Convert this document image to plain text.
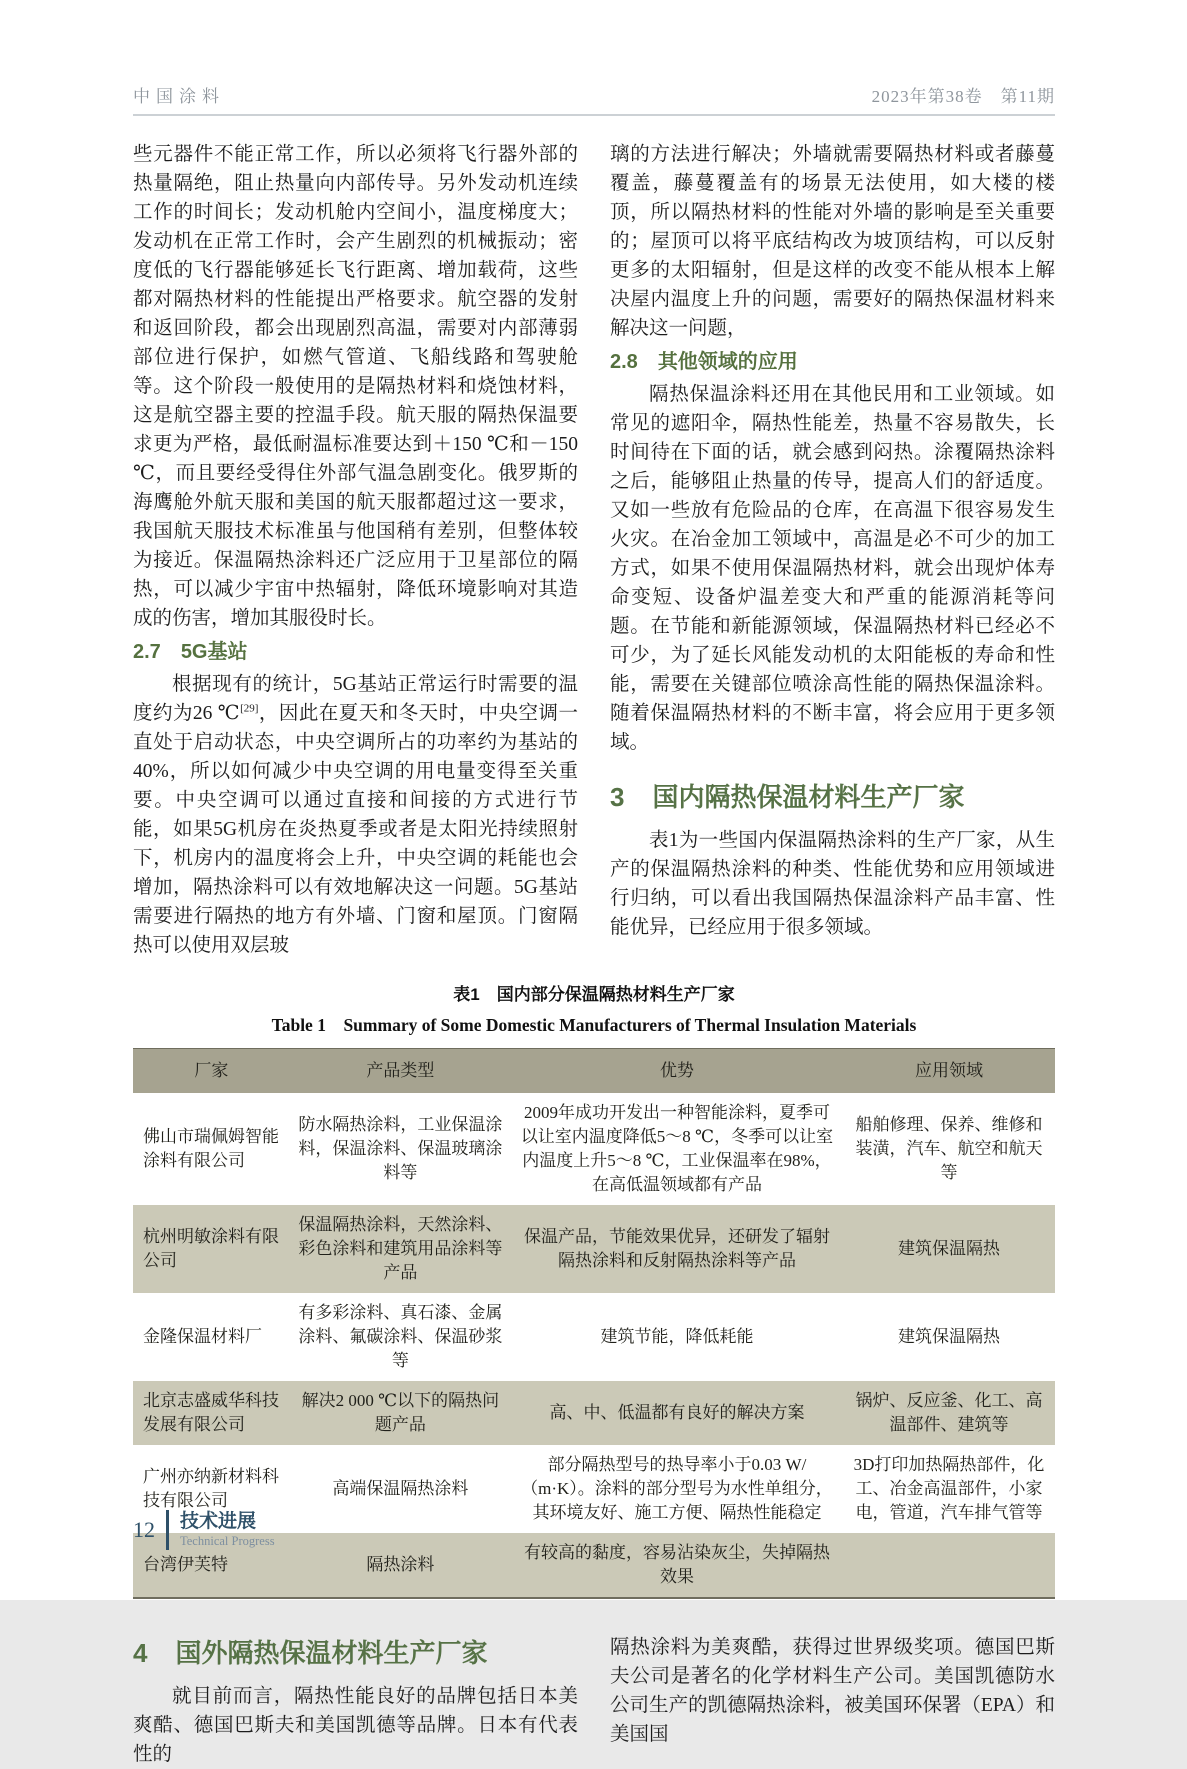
中国涂料	2023年第38卷　第11期

些元器件不能正常工作，所以必须将飞行器外部的热量隔绝，阻止热量向内部传导。另外发动机连续工作的时间长；发动机舱内空间小，温度梯度大；发动机在正常工作时，会产生剧烈的机械振动；密度低的飞行器能够延长飞行距离、增加载荷，这些都对隔热材料的性能提出严格要求。航空器的发射和返回阶段，都会出现剧烈高温，需要对内部薄弱部位进行保护，如燃气管道、飞船线路和驾驶舱等。这个阶段一般使用的是隔热材料和烧蚀材料，这是航空器主要的控温手段。航天服的隔热保温要求更为严格，最低耐温标准要达到＋150 ℃和－150 ℃，而且要经受得住外部气温急剧变化。俄罗斯的海鹰舱外航天服和美国的航天服都超过这一要求，我国航天服技术标准虽与他国稍有差别，但整体较为接近。保温隔热涂料还广泛应用于卫星部位的隔热，可以减少宇宙中热辐射，降低环境影响对其造成的伤害，增加其服役时长。

2.7 5G基站

根据现有的统计，5G基站正常运行时需要的温度约为26 ℃[29]，因此在夏天和冬天时，中央空调一直处于启动状态，中央空调所占的功率约为基站的40%，所以如何减少中央空调的用电量变得至关重要。中央空调可以通过直接和间接的方式进行节能，如果5G机房在炎热夏季或者是太阳光持续照射下，机房内的温度将会上升，中央空调的耗能也会增加，隔热涂料可以有效地解决这一问题。5G基站需要进行隔热的地方有外墙、门窗和屋顶。门窗隔热可以使用双层玻

璃的方法进行解决；外墙就需要隔热材料或者藤蔓覆盖，藤蔓覆盖有的场景无法使用，如大楼的楼顶，所以隔热材料的性能对外墙的影响是至关重要的；屋顶可以将平底结构改为坡顶结构，可以反射更多的太阳辐射，但是这样的改变不能从根本上解决屋内温度上升的问题，需要好的隔热保温材料来解决这一问题，

2.8 其他领域的应用

隔热保温涂料还用在其他民用和工业领域。如常见的遮阳伞，隔热性能差，热量不容易散失，长时间待在下面的话，就会感到闷热。涂覆隔热涂料之后，能够阻止热量的传导，提高人们的舒适度。又如一些放有危险品的仓库，在高温下很容易发生火灾。在冶金加工领域中，高温是必不可少的加工方式，如果不使用保温隔热材料，就会出现炉体寿命变短、设备炉温差变大和严重的能源消耗等问题。在节能和新能源领域，保温隔热材料已经必不可少，为了延长风能发动机的太阳能板的寿命和性能，需要在关键部位喷涂高性能的隔热保温涂料。随着保温隔热材料的不断丰富，将会应用于更多领域。

3 国内隔热保温材料生产厂家

表1为一些国内保温隔热涂料的生产厂家，从生产的保温隔热涂料的种类、性能优势和应用领域进行归纳，可以看出我国隔热保温涂料产品丰富、性能优异，已经应用于很多领域。

表1　国内部分保温隔热材料生产厂家
Table 1　Summary of Some Domestic Manufacturers of Thermal Insulation Materials
厂家	产品类型	优势	应用领域
佛山市瑞佩姆智能涂料有限公司	防水隔热涂料，工业保温涂料，保温涂料、保温玻璃涂料等	2009年成功开发出一种智能涂料，夏季可以让室内温度降低5～8 ℃，冬季可以让室内温度上升5～8 ℃，工业保温率在98%，在高低温领域都有产品	船舶修理、保养、维修和装潢，汽车、航空和航天等
杭州明敏涂料有限公司	保温隔热涂料，天然涂料、彩色涂料和建筑用品涂料等产品	保温产品，节能效果优异，还研发了辐射隔热涂料和反射隔热涂料等产品	建筑保温隔热
金隆保温材料厂	有多彩涂料、真石漆、金属涂料、氟碳涂料、保温砂浆等	建筑节能，降低耗能	建筑保温隔热
北京志盛威华科技发展有限公司	解决2 000 ℃以下的隔热问题产品	高、中、低温都有良好的解决方案	锅炉、反应釜、化工、高温部件、建筑等
广州亦纳新材料科技有限公司	高端保温隔热涂料	部分隔热型号的热导率小于0.03 W/（m·K）。涂料的部分型号为水性单组分，其环境友好、施工方便、隔热性能稳定	3D打印加热隔热部件，化工、冶金高温部件，小家电，管道，汽车排气管等
台湾伊芙特	隔热涂料	有较高的黏度，容易沾染灰尘，失掉隔热效果	
4 国外隔热保温材料生产厂家

就目前而言，隔热性能良好的品牌包括日本美爽酷、德国巴斯夫和美国凯德等品牌。日本有代表性的

隔热涂料为美爽酷，获得过世界级奖项。德国巴斯夫公司是著名的化学材料生产公司。美国凯德防水公司生产的凯德隔热涂料，被美国环保署（EPA）和美国国

12 技术进展
Technical Progress
